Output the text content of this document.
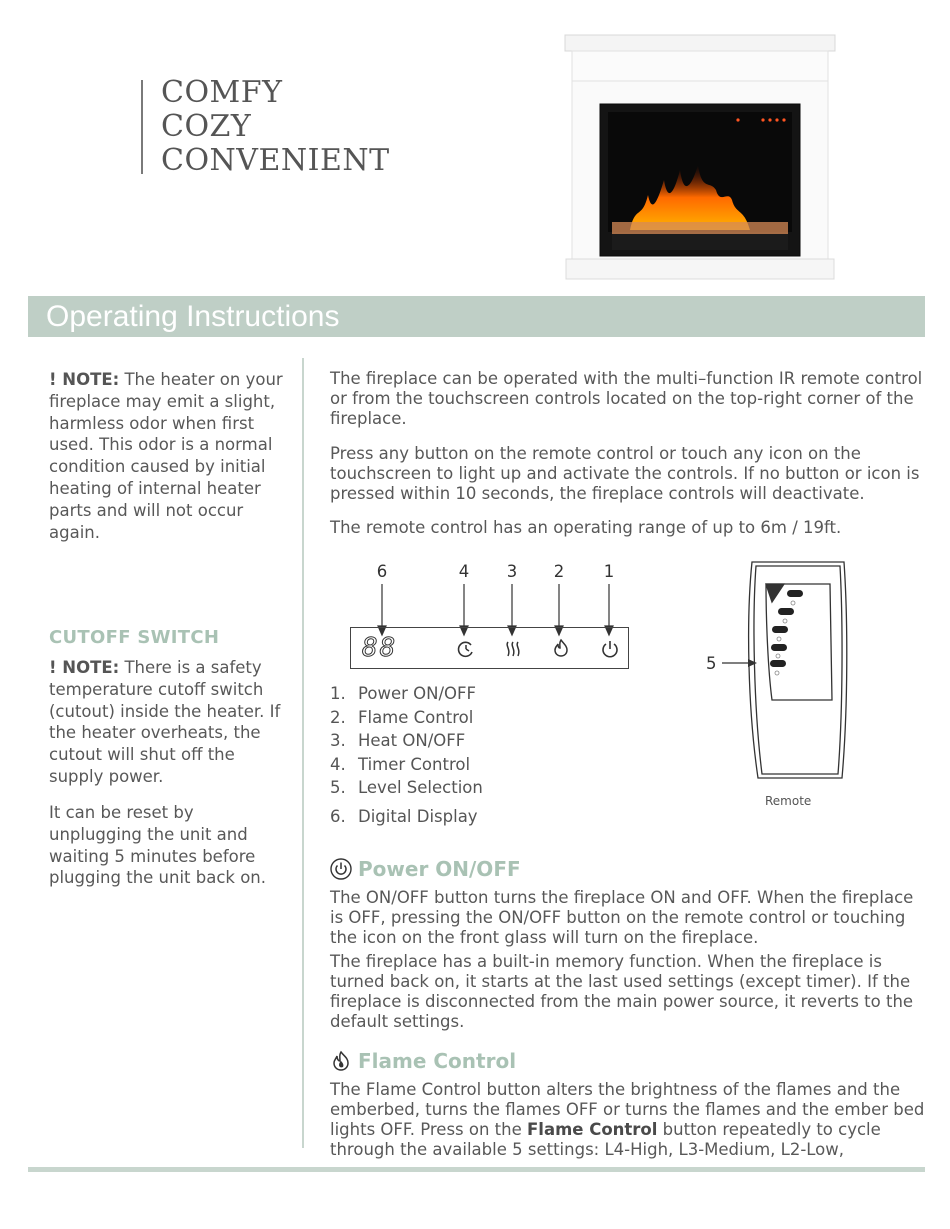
COMFY
COZY
CONVENIENT
Operating Instructions
! NOTE: The heater on your fireplace may emit a slight, harmless odor when first used. This odor is a normal condition caused by initial heating of internal heater parts and will not occur again.
CUTOFF SWITCH
! NOTE: There is a safety temperature cutoff switch (cutout) inside the heater. If the heater overheats, the cutout will shut off the supply power.
It can be reset by unplugging the unit and waiting 5 minutes before plugging the unit back on.
The fireplace can be operated with the multi–function IR remote control or from the touchscreen controls located on the top-right corner of the fireplace.
Press any button on the remote control or touch any icon on the touchscreen to light up and activate the controls. If no button or icon is pressed within 10 seconds, the fireplace controls will deactivate.
The remote control has an operating range of up to 6m / 19ft.
6	4 3 2 1
88
1. Power ON/OFF
2. Flame Control
3. Heat ON/OFF
4. Timer Control
5. Level Selection
6. Digital Display
5
Remote
Power ON/OFF
The ON/OFF button turns the fireplace ON and OFF. When the fireplace is OFF, pressing the ON/OFF button on the remote control or touching the icon on the front glass will turn on the fireplace.
The fireplace has a built-in memory function. When the fireplace is turned back on, it starts at the last used settings (except timer). If the fireplace is disconnected from the main power source, it reverts to the default settings.
Flame Control
The Flame Control button alters the brightness of the flames and the emberbed, turns the flames OFF or turns the flames and the ember bed lights OFF. Press on the Flame Control button repeatedly to cycle through the available 5 settings: L4-High, L3-Medium, L2-Low,
